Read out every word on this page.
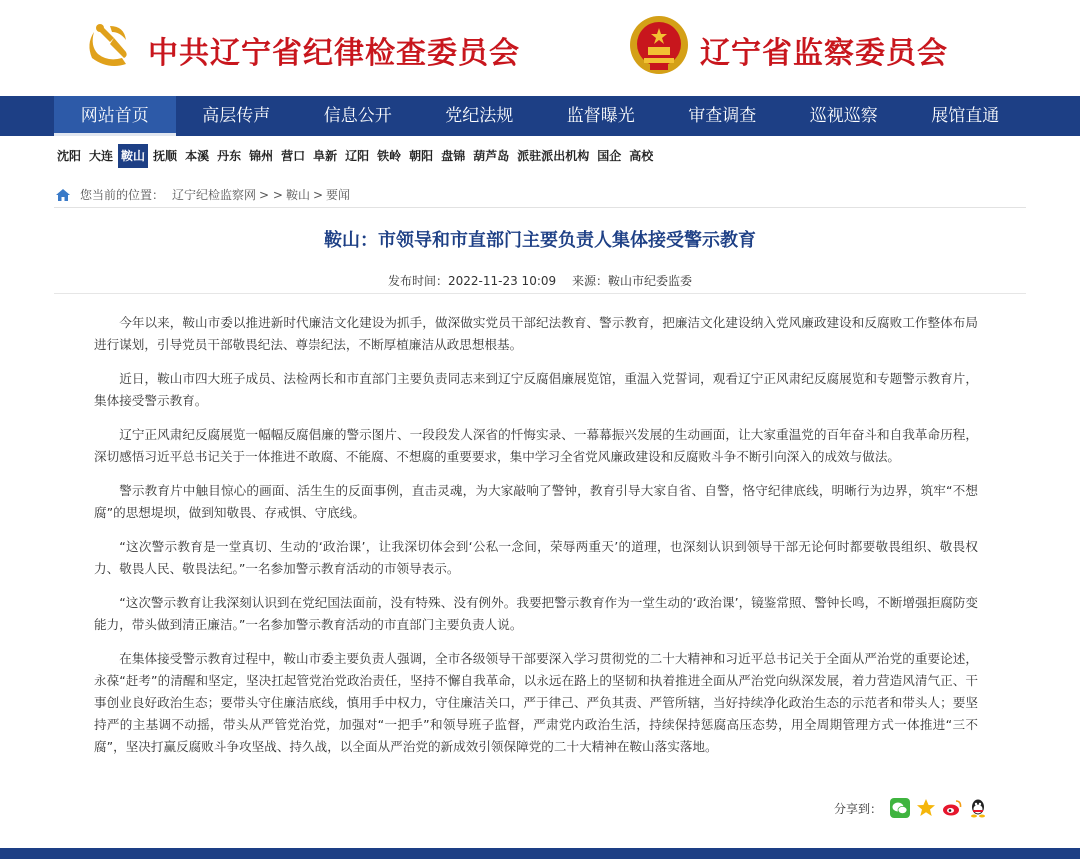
中共辽宁省纪律检查委员会	辽宁省监察委员会
网站首页	高层传声	信息公开	党纪法规	监督曝光	审查调查	巡视巡察	展馆直通
沈阳 大连 鞍山 抚顺 本溪 丹东 锦州 营口 阜新 辽阳 铁岭 朝阳 盘锦 葫芦岛 派驻派出机构 国企 高校
您当前的位置： 辽宁纪检监察网 > > 鞍山 > 要闻
鞍山：市领导和市直部门主要负责人集体接受警示教育
发布时间：2022-11-23 10:09 来源：鞍山市纪委监委

今年以来，鞍山市委以推进新时代廉洁文化建设为抓手，做深做实党员干部纪法教育、警示教育，把廉洁文化建设纳入党风廉政建设和反腐败工作整体布局进行谋划，引导党员干部敬畏纪法、尊崇纪法，不断厚植廉洁从政思想根基。

近日，鞍山市四大班子成员、法检两长和市直部门主要负责同志来到辽宁反腐倡廉展览馆，重温入党誓词，观看辽宁正风肃纪反腐展览和专题警示教育片，集体接受警示教育。

辽宁正风肃纪反腐展览一幅幅反腐倡廉的警示图片、一段段发人深省的忏悔实录、一幕幕振兴发展的生动画面，让大家重温党的百年奋斗和自我革命历程，深切感悟习近平总书记关于一体推进不敢腐、不能腐、不想腐的重要要求，集中学习全省党风廉政建设和反腐败斗争不断引向深入的成效与做法。

警示教育片中触目惊心的画面、活生生的反面事例，直击灵魂，为大家敲响了警钟，教育引导大家自省、自警，恪守纪律底线，明晰行为边界，筑牢“不想腐”的思想堤坝，做到知敬畏、存戒惧、守底线。

“这次警示教育是一堂真切、生动的‘政治课’，让我深切体会到‘公私一念间，荣辱两重天’的道理，也深刻认识到领导干部无论何时都要敬畏组织、敬畏权力、敬畏人民、敬畏法纪。”一名参加警示教育活动的市领导表示。

“这次警示教育让我深刻认识到在党纪国法面前，没有特殊、没有例外。我要把警示教育作为一堂生动的‘政治课’，镜鉴常照、警钟长鸣，不断增强拒腐防变能力，带头做到清正廉洁。”一名参加警示教育活动的市直部门主要负责人说。

在集体接受警示教育过程中，鞍山市委主要负责人强调，全市各级领导干部要深入学习贯彻党的二十大精神和习近平总书记关于全面从严治党的重要论述，永葆“赶考”的清醒和坚定，坚决扛起管党治党政治责任，坚持不懈自我革命，以永远在路上的坚韧和执着推进全面从严治党向纵深发展，着力营造风清气正、干事创业良好政治生态；要带头守住廉洁底线，慎用手中权力，守住廉洁关口，严于律己、严负其责、严管所辖，当好持续净化政治生态的示范者和带头人；要坚持严的主基调不动摇，带头从严管党治党，加强对“一把手”和领导班子监督，严肃党内政治生活，持续保持惩腐高压态势，用全周期管理方式一体推进“三不腐”，坚决打赢反腐败斗争攻坚战、持久战，以全面从严治党的新成效引领保障党的二十大精神在鞍山落实落地。

分享到：
